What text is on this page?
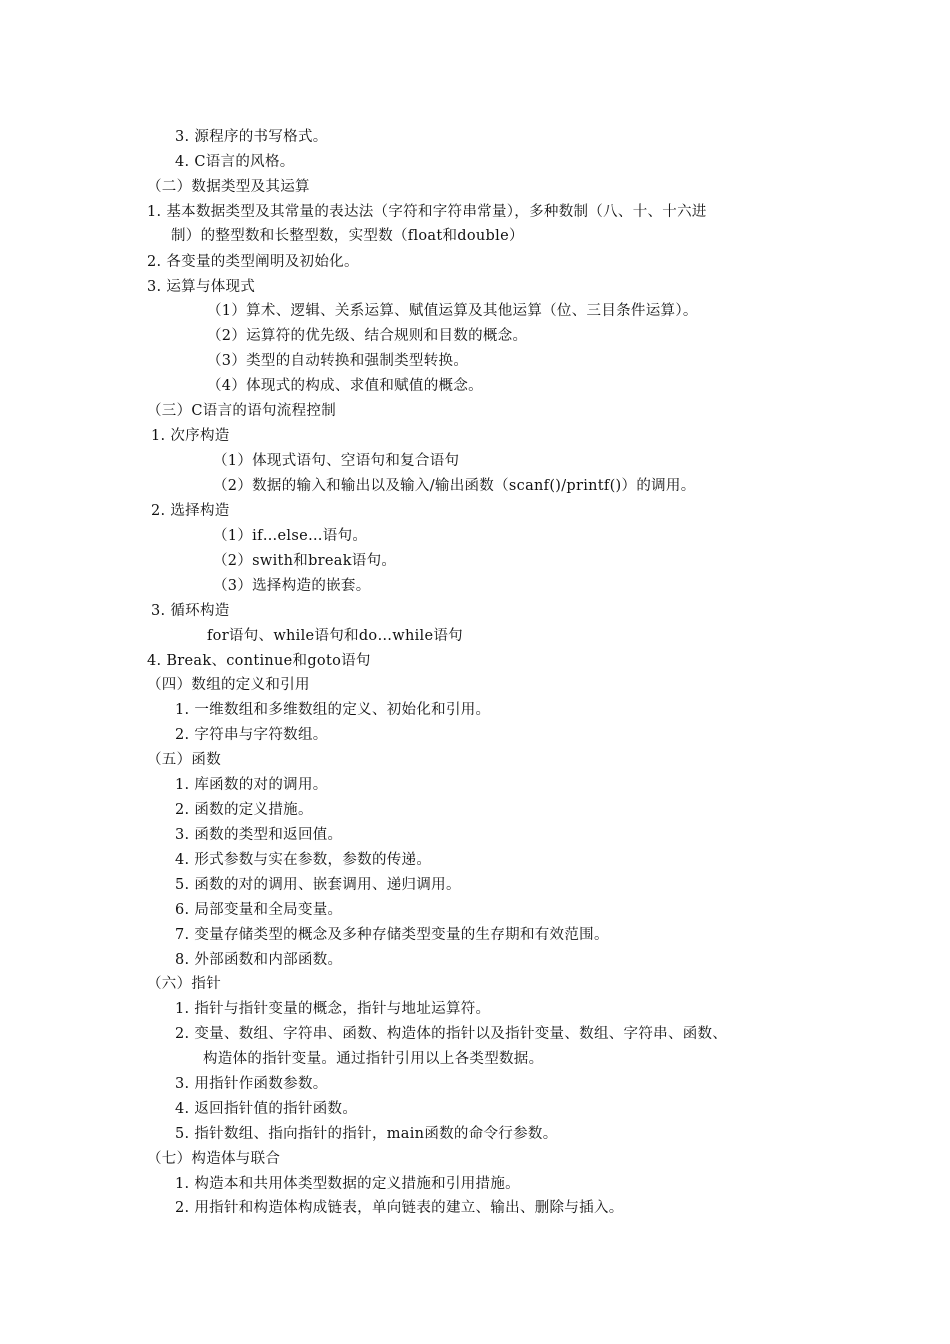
3. 源程序的书写格式。
4. C语言的风格。
（二）数据类型及其运算
1. 基本数据类型及其常量的表达法（字符和字符串常量），多种数制（八、十、十六进
制）的整型数和长整型数，实型数（float和double）
2. 各变量的类型阐明及初始化。
3. 运算与体现式
（1）算术、逻辑、关系运算、赋值运算及其他运算（位、三目条件运算）。
（2）运算符的优先级、结合规则和目数的概念。
（3）类型的自动转换和强制类型转换。
（4）体现式的构成、求值和赋值的概念。
（三）C语言的语句流程控制
1. 次序构造
（1）体现式语句、空语句和复合语句
（2）数据的输入和输出以及输入/输出函数（scanf()/printf()）的调用。
2. 选择构造
（1）if…else…语句。
（2）swith和break语句。
（3）选择构造的嵌套。
3. 循环构造
for语句、while语句和do…while语句
4. Break、continue和goto语句
（四）数组的定义和引用
1. 一维数组和多维数组的定义、初始化和引用。
2. 字符串与字符数组。
（五）函数
1. 库函数的对的调用。
2. 函数的定义措施。
3. 函数的类型和返回值。
4. 形式参数与实在参数，参数的传递。
5. 函数的对的调用、嵌套调用、递归调用。
6. 局部变量和全局变量。
7. 变量存储类型的概念及多种存储类型变量的生存期和有效范围。
8. 外部函数和内部函数。
（六）指针
1. 指针与指针变量的概念，指针与地址运算符。
2. 变量、数组、字符串、函数、构造体的指针以及指针变量、数组、字符串、函数、
构造体的指针变量。通过指针引用以上各类型数据。
3. 用指针作函数参数。
4. 返回指针值的指针函数。
5. 指针数组、指向指针的指针，main函数的命令行参数。
（七）构造体与联合
1. 构造本和共用体类型数据的定义措施和引用措施。
2. 用指针和构造体构成链表，单向链表的建立、输出、删除与插入。
